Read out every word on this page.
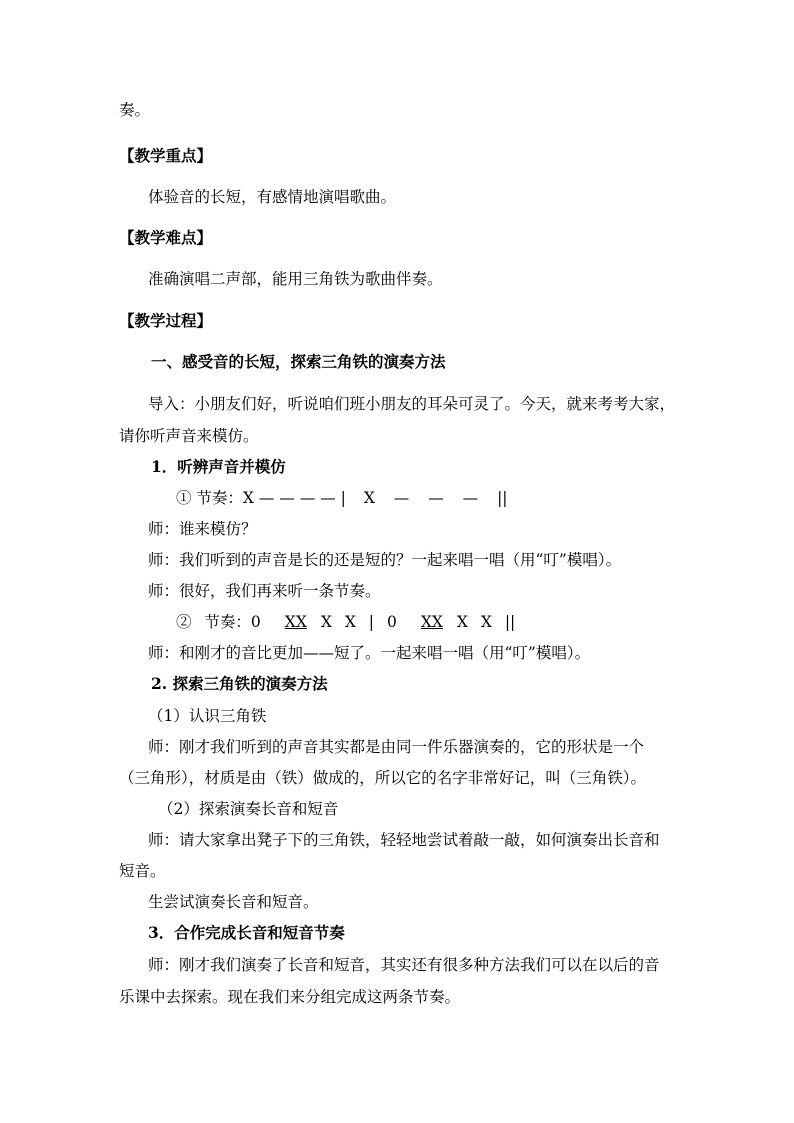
奏。
【教学重点】
体验音的长短，有感情地演唱歌曲。
【教学难点】
准确演唱二声部，能用三角铁为歌曲伴奏。
【教学过程】
一、感受音的长短，探索三角铁的演奏方法
导入：小朋友们好，听说咱们班小朋友的耳朵可灵了。今天，就来考考大家，
请你听声音来模仿。
1．听辨声音并模仿
① 节奏：X — — — — | X — — — ||
师：谁来模仿？
师：我们听到的声音是长的还是短的？一起来唱一唱（用“叮”模唱）。
师：很好，我们再来听一条节奏。
② 节奏：0 XX X X | 0 XX X X ||
师：和刚才的音比更加——短了。一起来唱一唱（用“叮”模唱）。
2. 探索三角铁的演奏方法
（1）认识三角铁
师：刚才我们听到的声音其实都是由同一件乐器演奏的，它的形状是一个
（三角形），材质是由（铁）做成的，所以它的名字非常好记，叫（三角铁）。
（2）探索演奏长音和短音
师：请大家拿出凳子下的三角铁，轻轻地尝试着敲一敲，如何演奏出长音和
短音。
生尝试演奏长音和短音。
3．合作完成长音和短音节奏
师：刚才我们演奏了长音和短音，其实还有很多种方法我们可以在以后的音
乐课中去探索。现在我们来分组完成这两条节奏。
